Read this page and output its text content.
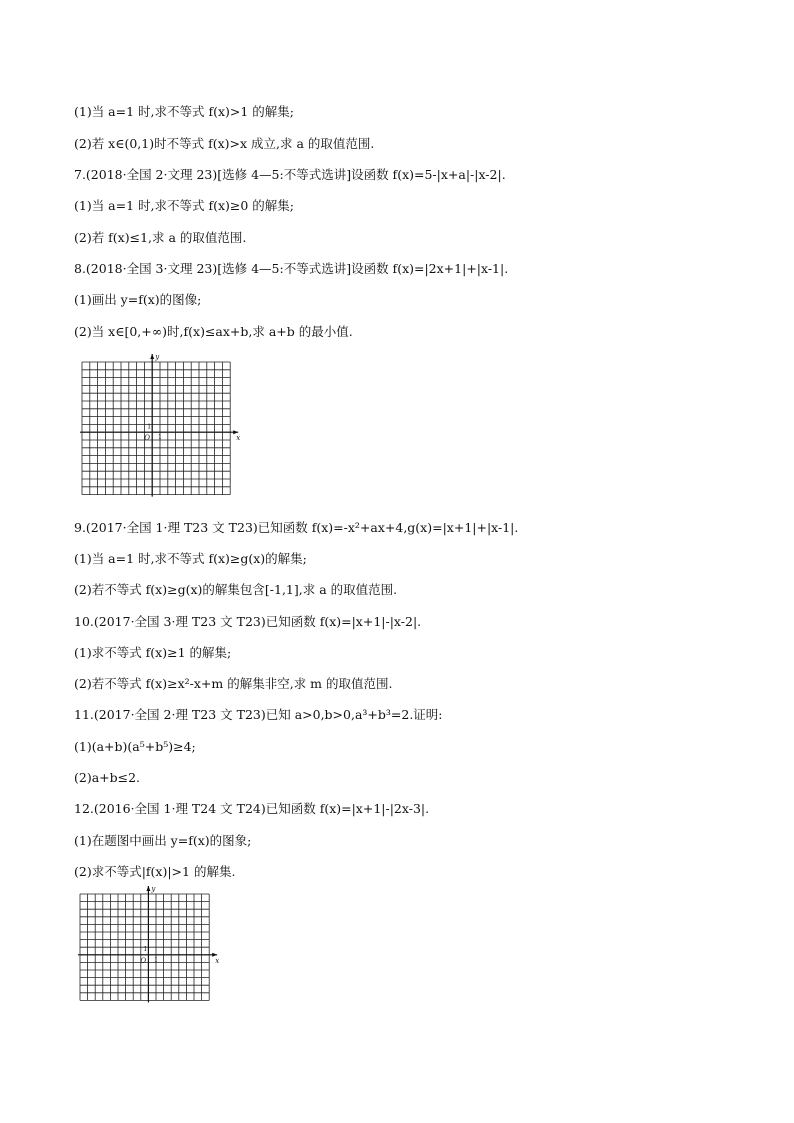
(1)当 a=1 时,求不等式 f(x)>1 的解集;
(2)若 x∈(0,1)时不等式 f(x)>x 成立,求 a 的取值范围.
7.(2018·全国 2·文理 23)[选修 4—5:不等式选讲]设函数 f(x)=5-|x+a|-|x-2|.
(1)当 a=1 时,求不等式 f(x)≥0 的解集;
(2)若 f(x)≤1,求 a 的取值范围.
8.(2018·全国 3·文理 23)[选修 4—5:不等式选讲]设函数 f(x)=|2x+1|+|x-1|.
(1)画出 y=f(x)的图像;
(2)当 x∈[0,+∞)时,f(x)≤ax+b,求 a+b 的最小值.
x
y
O 1
1
9.(2017·全国 1·理 T23 文 T23)已知函数 f(x)=-x²+ax+4,g(x)=|x+1|+|x-1|.
(1)当 a=1 时,求不等式 f(x)≥g(x)的解集;
(2)若不等式 f(x)≥g(x)的解集包含[-1,1],求 a 的取值范围.
10.(2017·全国 3·理 T23 文 T23)已知函数 f(x)=|x+1|-|x-2|.
(1)求不等式 f(x)≥1 的解集;
(2)若不等式 f(x)≥x²-x+m 的解集非空,求 m 的取值范围.
11.(2017·全国 2·理 T23 文 T23)已知 a>0,b>0,a³+b³=2.证明:
(1)(a+b)(a⁵+b⁵)≥4;
(2)a+b≤2.
12.(2016·全国 1·理 T24 文 T24)已知函数 f(x)=|x+1|-|2x-3|.
(1)在题图中画出 y=f(x)的图象;
(2)求不等式|f(x)|>1 的解集.
x
y
O 1
1
